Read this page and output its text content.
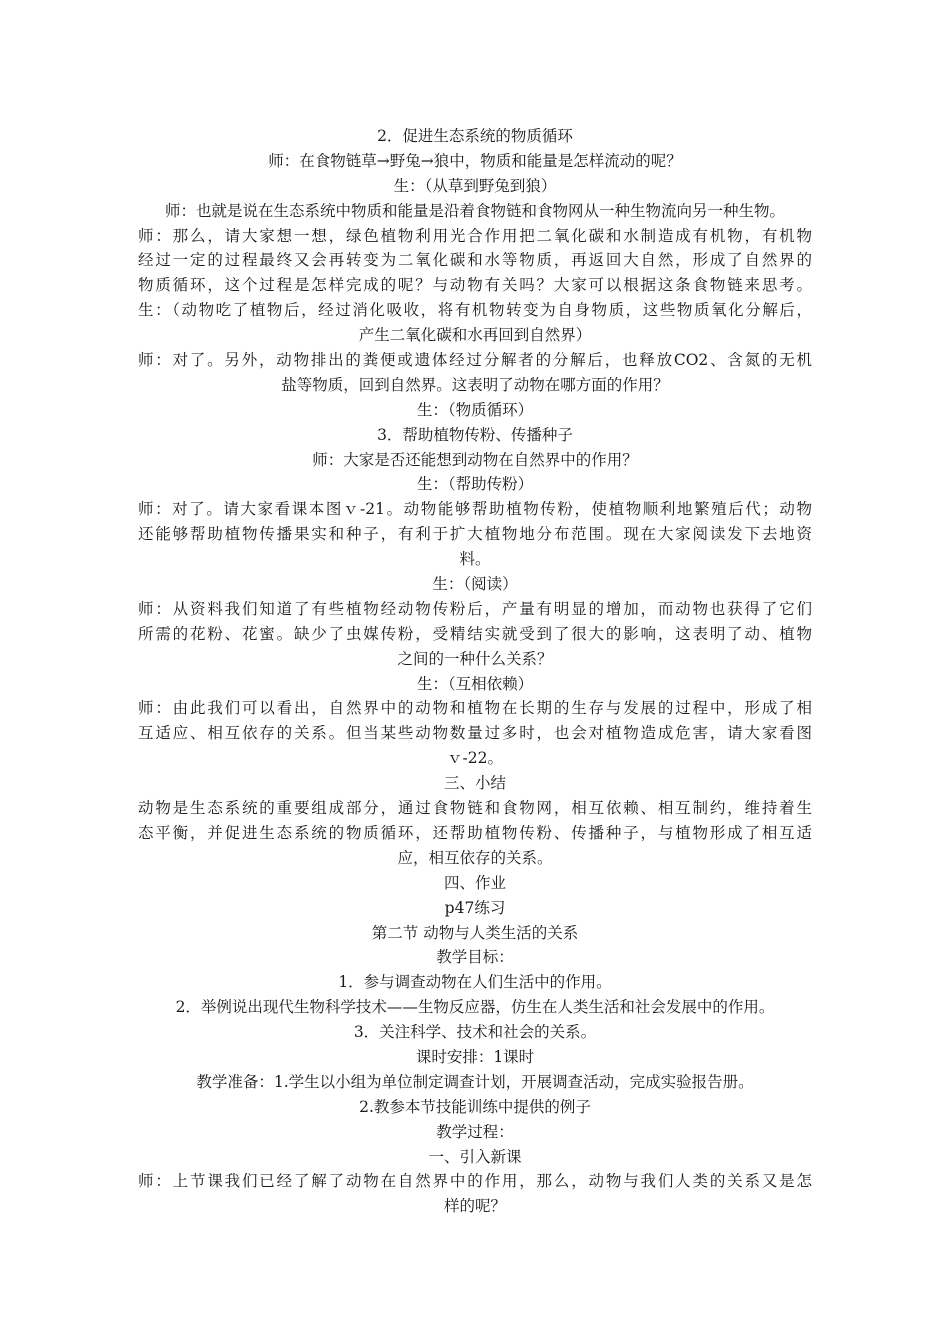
2．促进生态系统的物质循环
师：在食物链草→野兔→狼中，物质和能量是怎样流动的呢？
生：（从草到野兔到狼）
师：也就是说在生态系统中物质和能量是沿着食物链和食物网从一种生物流向另一种生物。
师：那么，请大家想一想，绿色植物利用光合作用把二氧化碳和水制造成有机物，有机物
经过一定的过程最终又会再转变为二氧化碳和水等物质，再返回大自然，形成了自然界的
物质循环，这个过程是怎样完成的呢？与动物有关吗？大家可以根据这条食物链来思考。
生：（动物吃了植物后，经过消化吸收，将有机物转变为自身物质，这些物质氧化分解后，
产生二氧化碳和水再回到自然界）
师：对了。另外，动物排出的粪便或遗体经过分解者的分解后，也释放CO2、含氮的无机
盐等物质，回到自然界。这表明了动物在哪方面的作用？
生：（物质循环）
3．帮助植物传粉、传播种子
师：大家是否还能想到动物在自然界中的作用？
生：（帮助传粉）
师：对了。请大家看课本图ｖ-21。动物能够帮助植物传粉，使植物顺利地繁殖后代；动物
还能够帮助植物传播果实和种子，有利于扩大植物地分布范围。现在大家阅读发下去地资
料。
生：（阅读）
师：从资料我们知道了有些植物经动物传粉后，产量有明显的增加，而动物也获得了它们
所需的花粉、花蜜。缺少了虫媒传粉，受精结实就受到了很大的影响，这表明了动、植物
之间的一种什么关系？
生：（互相依赖）
师：由此我们可以看出，自然界中的动物和植物在长期的生存与发展的过程中，形成了相
互适应、相互依存的关系。但当某些动物数量过多时，也会对植物造成危害，请大家看图
ｖ-22。
三、小结
动物是生态系统的重要组成部分，通过食物链和食物网，相互依赖、相互制约，维持着生
态平衡，并促进生态系统的物质循环，还帮助植物传粉、传播种子，与植物形成了相互适
应，相互依存的关系。
四、作业
p47练习
第二节 动物与人类生活的关系
教学目标：
1．参与调查动物在人们生活中的作用。
2．举例说出现代生物科学技术——生物反应器，仿生在人类生活和社会发展中的作用。
3．关注科学、技术和社会的关系。
课时安排：1课时
教学准备：1.学生以小组为单位制定调查计划，开展调查活动，完成实验报告册。
2.教参本节技能训练中提供的例子
教学过程：
一、引入新课
师：上节课我们已经了解了动物在自然界中的作用，那么，动物与我们人类的关系又是怎
样的呢？
